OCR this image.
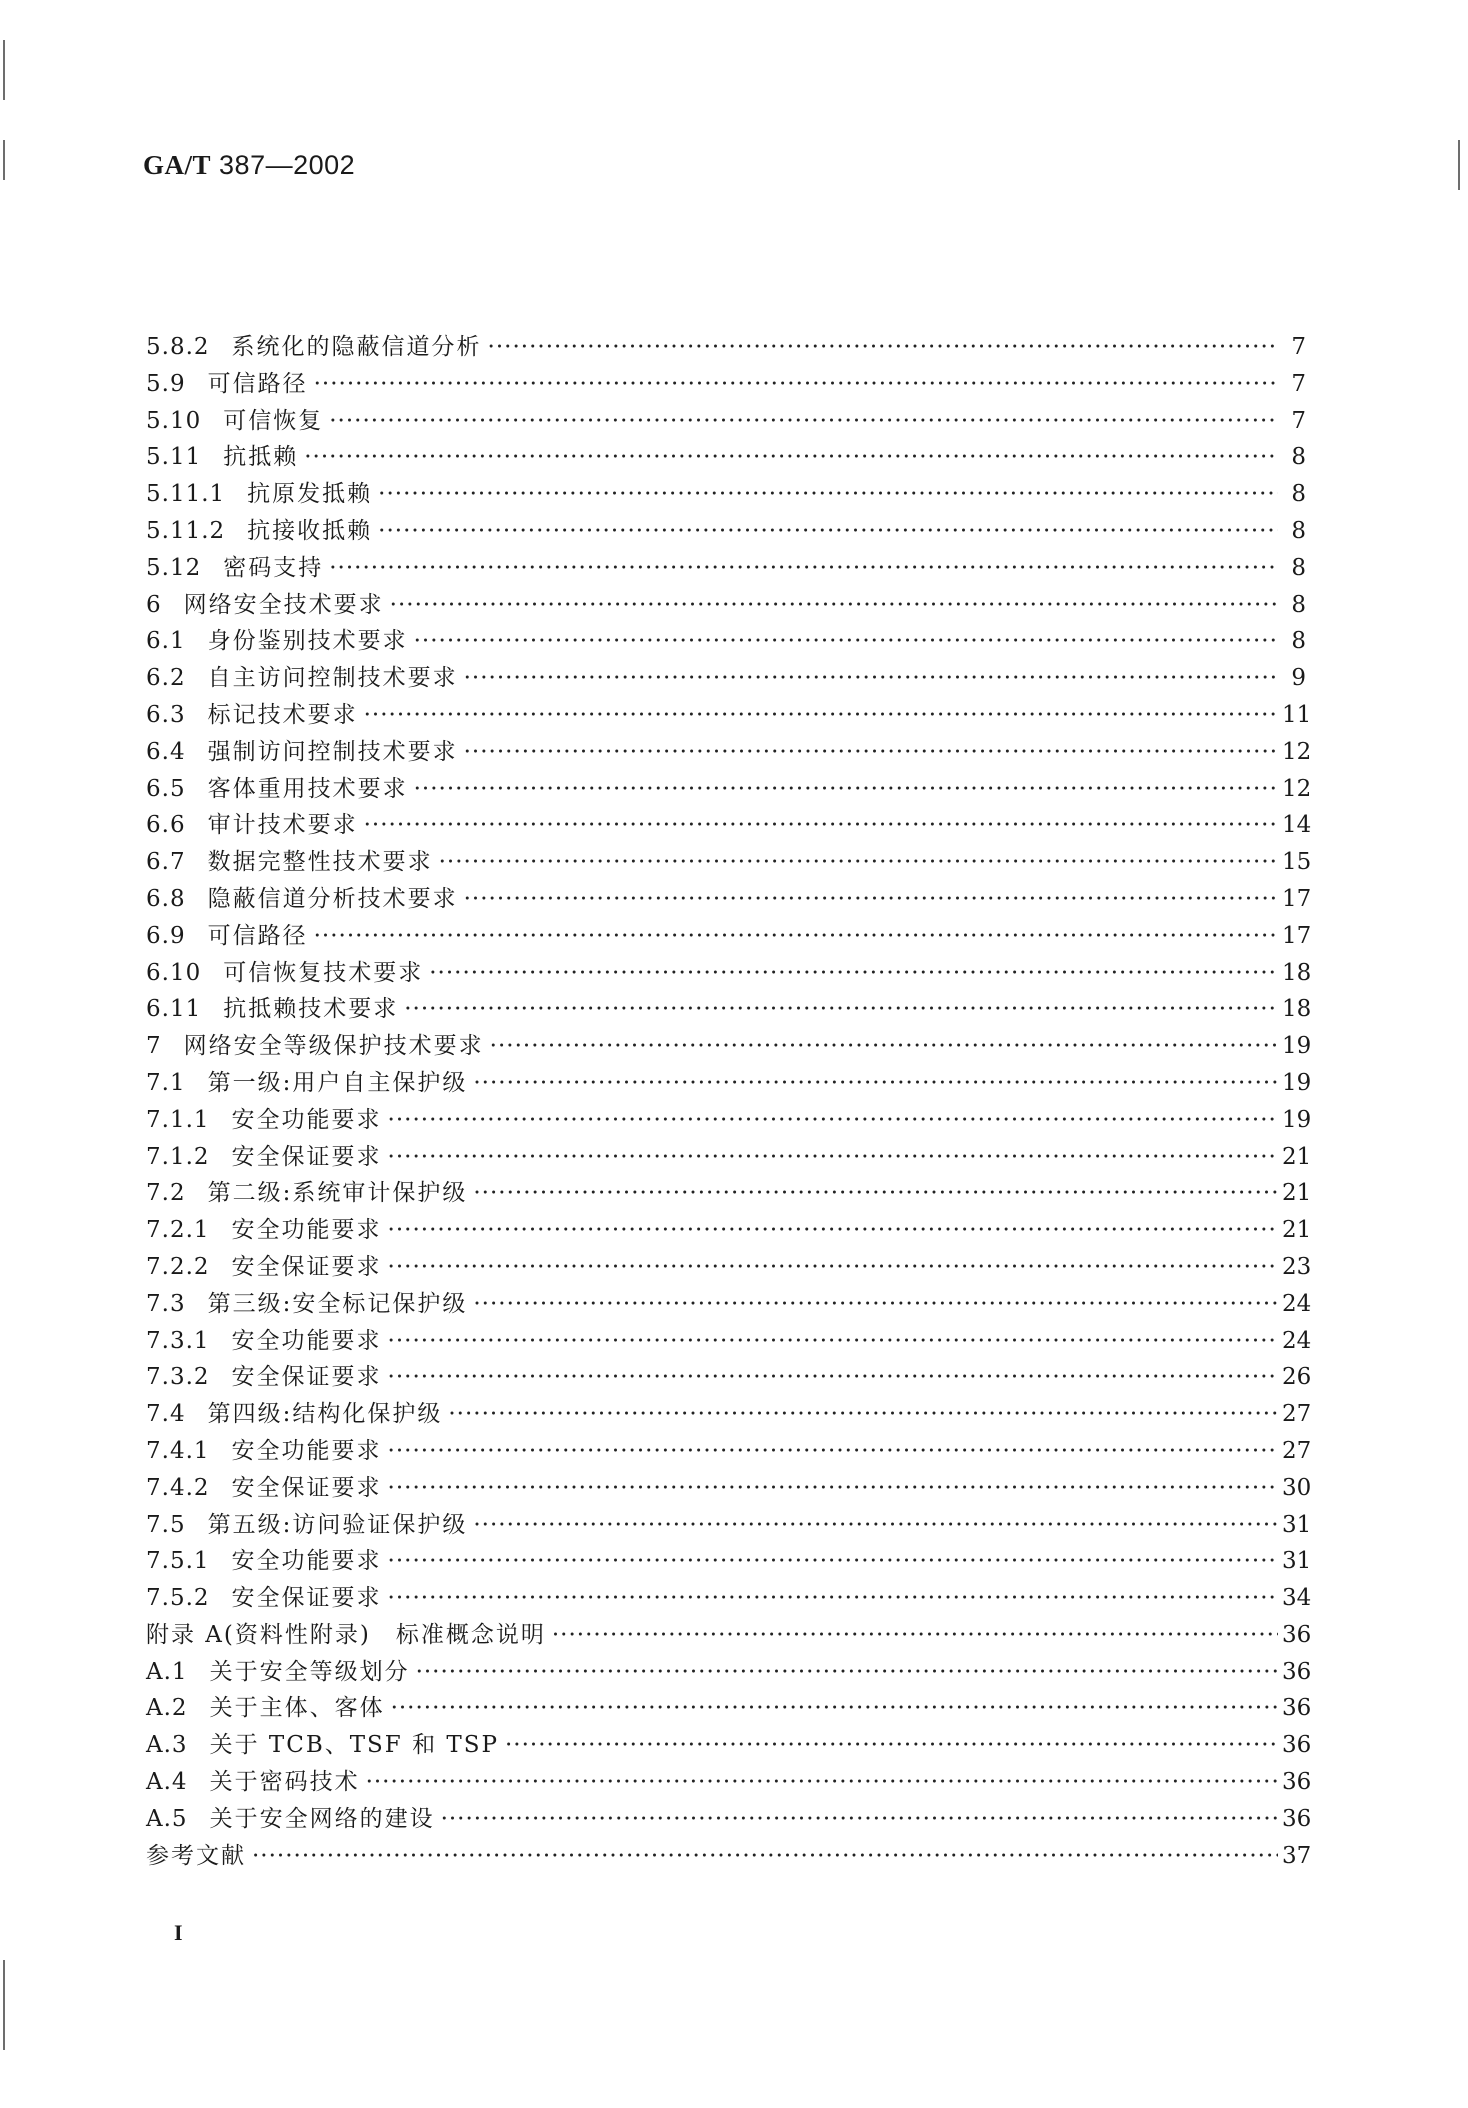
GA/T 387—2002
5.8.2 系统化的隐蔽信道分析 ·····	7
5.9 可信路径 ·····	7
5.10 可信恢复 ·····	7
5.11 抗抵赖 ·····	8
5.11.1 抗原发抵赖 ·····	8
5.11.2 抗接收抵赖 ·····	8
5.12 密码支持 ·····	8
6 网络安全技术要求 ·····	8
6.1 身份鉴别技术要求 ·····	8
6.2 自主访问控制技术要求 ·····	9
6.3 标记技术要求 ·····	11
6.4 强制访问控制技术要求 ·····	12
6.5 客体重用技术要求 ·····	12
6.6 审计技术要求 ·····	14
6.7 数据完整性技术要求 ·····	15
6.8 隐蔽信道分析技术要求 ·····	17
6.9 可信路径 ·····	17
6.10 可信恢复技术要求 ·····	18
6.11 抗抵赖技术要求 ·····	18
7 网络安全等级保护技术要求 ·····	19
7.1 第一级:用户自主保护级 ·····	19
7.1.1 安全功能要求 ·····	19
7.1.2 安全保证要求 ·····	21
7.2 第二级:系统审计保护级 ·····	21
7.2.1 安全功能要求 ·····	21
7.2.2 安全保证要求 ·····	23
7.3 第三级:安全标记保护级 ·····	24
7.3.1 安全功能要求 ·····	24
7.3.2 安全保证要求 ·····	26
7.4 第四级:结构化保护级 ·····	27
7.4.1 安全功能要求 ·····	27
7.4.2 安全保证要求 ·····	30
7.5 第五级:访问验证保护级 ·····	31
7.5.1 安全功能要求 ·····	31
7.5.2 安全保证要求 ·····	34
附录 A(资料性附录)　标准概念说明 ·····	36
A.1 关于安全等级划分 ·····	36
A.2 关于主体、客体 ·····	36
A.3 关于 TCB、TSF 和 TSP ·····	36
A.4 关于密码技术 ·····	36
A.5 关于安全网络的建设 ·····	36
参考文献 ·····	37
I
